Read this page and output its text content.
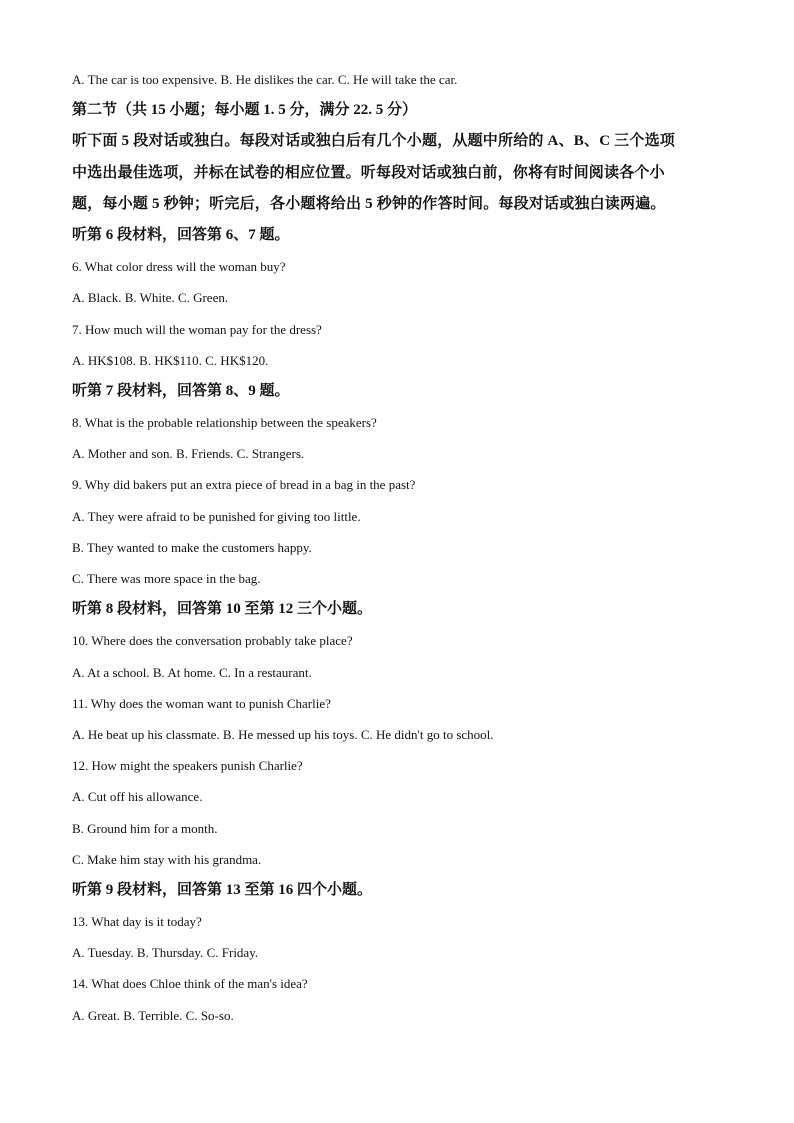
A. The car is too expensive. B. He dislikes the car. C. He will take the car.
第二节（共 15 小题；每小题 1. 5 分，满分 22. 5 分）
听下面 5 段对话或独白。每段对话或独白后有几个小题，从题中所给的 A、B、C 三个选项
中选出最佳选项，并标在试卷的相应位置。听每段对话或独白前，你将有时间阅读各个小
题，每小题 5 秒钟；听完后，各小题将给出 5 秒钟的作答时间。每段对话或独白读两遍。
听第 6 段材料，回答第 6、7 题。
6. What color dress will the woman buy?
A. Black. B. White. C. Green.
7. How much will the woman pay for the dress?
A. HK$108. B. HK$110. C. HK$120.
听第 7 段材料，回答第 8、9 题。
8. What is the probable relationship between the speakers?
A. Mother and son. B. Friends. C. Strangers.
9. Why did bakers put an extra piece of bread in a bag in the past?
A. They were afraid to be punished for giving too little.
B. They wanted to make the customers happy.
C. There was more space in the bag.
听第 8 段材料，回答第 10 至第 12 三个小题。
10. Where does the conversation probably take place?
A. At a school. B. At home. C. In a restaurant.
11. Why does the woman want to punish Charlie?
A. He beat up his classmate. B. He messed up his toys. C. He didn't go to school.
12. How might the speakers punish Charlie?
A. Cut off his allowance.
B. Ground him for a month.
C. Make him stay with his grandma.
听第 9 段材料，回答第 13 至第 16 四个小题。
13. What day is it today?
A. Tuesday. B. Thursday. C. Friday.
14. What does Chloe think of the man's idea?
A. Great. B. Terrible. C. So-so.
